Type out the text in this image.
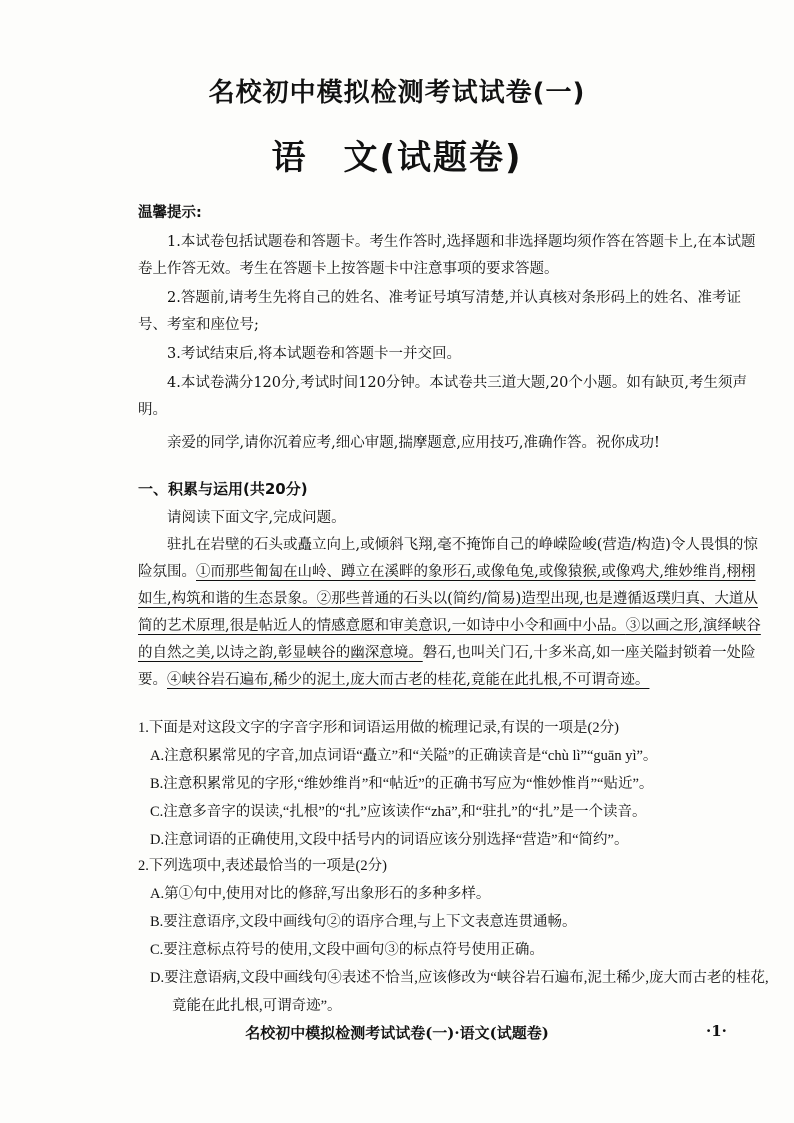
名校初中模拟检测考试试卷(一)
语 文(试题卷)

温馨提示:

1.本试卷包括试题卷和答题卡。考生作答时,选择题和非选择题均须作答在答题卡上,在本试题卷上作答无效。考生在答题卡上按答题卡中注意事项的要求答题。

2.答题前,请考生先将自己的姓名、准考证号填写清楚,并认真核对条形码上的姓名、准考证号、考室和座位号;

3.考试结束后,将本试题卷和答题卡一并交回。

4.本试卷满分120分,考试时间120分钟。本试卷共三道大题,20个小题。如有缺页,考生须声明。

亲爱的同学,请你沉着应考,细心审题,揣摩题意,应用技巧,准确作答。祝你成功!

一、积累与运用(共20分)

请阅读下面文字,完成问题。

驻扎在岩壁的石头或矗立向上,或倾斜飞翔,毫不掩饰自己的峥嵘险峻(营造/构造)令人畏惧的惊险氛围。①而那些匍匐在山岭、蹲立在溪畔的象形石,或像龟兔,或像猿猴,或像鸡犬,维妙维肖,栩栩如生,构筑和谐的生态景象。②那些普通的石头以(简约/简易)造型出现,也是遵循返璞归真、大道从简的艺术原理,很是帖近人的情感意愿和审美意识,一如诗中小令和画中小品。③以画之形,演绎峡谷的自然之美,以诗之韵,彰显峡谷的幽深意境。磐石,也叫关门石,十多米高,如一座关隘封锁着一处险要。④峡谷岩石遍布,稀少的泥土,庞大而古老的桂花,竟能在此扎根,不可谓奇迹。

1.下面是对这段文字的字音字形和词语运用做的梳理记录,有误的一项是(2分)

A.注意积累常见的字音,加点词语“矗立”和“关隘”的正确读音是“chù lì”“guān yì”。

B.注意积累常见的字形,“维妙维肖”和“帖近”的正确书写应为“惟妙惟肖”“贴近”。

C.注意多音字的误读,“扎根”的“扎”应该读作“zhā”,和“驻扎”的“扎”是一个读音。

D.注意词语的正确使用,文段中括号内的词语应该分别选择“营造”和“简约”。

2.下列选项中,表述最恰当的一项是(2分)

A.第①句中,使用对比的修辞,写出象形石的多种多样。

B.要注意语序,文段中画线句②的语序合理,与上下文表意连贯通畅。

C.要注意标点符号的使用,文段中画句③的标点符号使用正确。

D.要注意语病,文段中画线句④表述不恰当,应该修改为“峡谷岩石遍布,泥土稀少,庞大而古老的桂花,竟能在此扎根,可谓奇迹”。

名校初中模拟检测考试试卷(一)·语文(试题卷)	·1·
